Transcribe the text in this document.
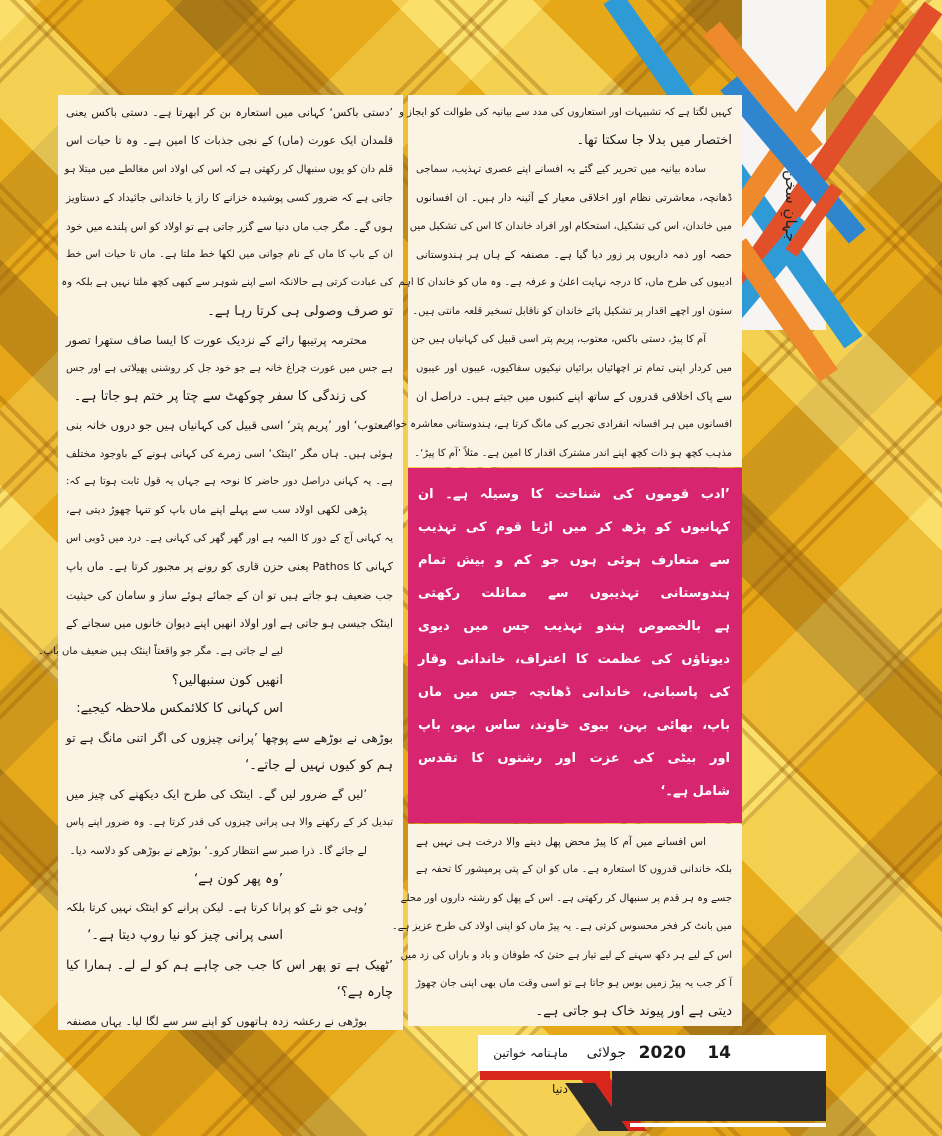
جہانِ سخن
’دستی باکس‘ کہانی میں استعارہ بن کر ابھرتا ہے۔ دستی باکس یعنی
قلمدان ایک عورت (ماں) کے نجی جذبات کا امین ہے۔ وہ تا حیات اس
قلم دان کو یوں سنبھال کر رکھتی ہے کہ اس کی اولاد اس مغالطے میں مبتلا ہو
جاتی ہے کہ ضرور کسی پوشیدہ خزانے کا راز یا خاندانی جائیداد کے دستاویز
ہوں گے۔ مگر جب ماں دنیا سے گزر جاتی ہے تو اولاد کو اس پلندے میں خود
ان کے باپ کا ماں کے نام جوانی میں لکھا خط ملتا ہے۔ ماں تا حیات اس خط
کی عبادت کرتی ہے حالانکہ اسے اپنے شوہر سے کبھی کچھ ملتا نہیں ہے بلکہ وہ
تو صرف وصولی ہی کرتا رہا ہے۔
محترمہ پرتیبھا رائے کے نزدیک عورت کا ایسا صاف ستھرا تصور
ہے جس میں عورت چراغ خانہ ہے جو خود جل کر روشنی پھیلاتی ہے اور جس
کی زندگی کا سفر چوکھٹ سے چتا پر ختم ہو جاتا ہے۔
’معتوب‘ اور ’پریم پتر‘ اسی قبیل کی کہانیاں ہیں جو دروں خانہ بنی
ہوئی ہیں۔ ہاں مگر ’اینٹک‘ اسی زمرے کی کہانی ہونے کے باوجود مختلف
ہے۔ یہ کہانی دراصل دور حاضر کا نوحہ ہے جہاں یہ قول ثابت ہوتا ہے کہ:
پڑھی لکھی اولاد سب سے پہلے اپنے ماں باپ کو تنہا چھوڑ دیتی ہے،
یہ کہانی آج کے دور کا المیہ ہے اور گھر گھر کی کہانی ہے۔ درد میں ڈوبی اس
کہانی کا Pathos یعنی حزن قاری کو رونے پر مجبور کرتا ہے۔ ماں باپ
جب ضعیف ہو جاتے ہیں تو ان کے جمائے ہوئے ساز و سامان کی حیثیت
اینٹک جیسی ہو جاتی ہے اور اولاد انھیں اپنے دیوان خانوں میں سجانے کے
لیے لے جاتی ہے۔ مگر جو واقعتاً اینٹک ہیں ضعیف ماں باپ۔
انھیں کون سنبھالیں؟
اس کہانی کا کلائمکس ملاحظہ کیجیے:
بوڑھی نے بوڑھے سے پوچھا ’پرانی چیزوں کی اگر اتنی مانگ ہے تو
ہم کو کیوں نہیں لے جاتے۔‘
’لیں گے ضرور لیں گے۔ اینٹک کی طرح ایک دیکھنے کی چیز میں
تبدیل کر کے رکھنے والا ہی پرانی چیزوں کی قدر کرتا ہے۔ وہ ضرور اپنے پاس
لے جائے گا۔ ذرا صبر سے انتظار کرو۔‘ بوڑھے نے بوڑھی کو دلاسہ دیا۔
’وہ پھر کون ہے‘
’وہی جو نئے کو پرانا کرتا ہے۔ لیکن پرانے کو اینٹک نہیں کرتا بلکہ
اسی پرانی چیز کو نیا روپ دیتا ہے۔‘
’ٹھیک ہے تو پھر اس کا جب جی چاہے ہم کو لے لے۔ ہمارا کیا
چارہ ہے؟‘
بوڑھی نے رعشہ زدہ ہاتھوں کو اپنے سر سے لگا لیا۔ یہاں مصنفہ
کہیں لگتا ہے کہ تشبیہات اور استعاروں کی مدد سے بیانیہ کی طوالت کو ایجاز و
اختصار میں بدلا جا سکتا تھا۔
سادہ بیانیہ میں تحریر کیے گئے یہ افسانے اپنے عصری تہذیب، سماجی
ڈھانچہ، معاشرتی نظام اور اخلاقی معیار کے آئینہ دار ہیں۔ ان افسانوں
میں خاندان، اس کی تشکیل، استحکام اور افراد خاندان کا اس کی تشکیل میں
حصہ اور ذمہ داریوں پر زور دیا گیا ہے۔ مصنفہ کے ہاں ہر ہندوستانی
ادیبوں کی طرح ماں، کا درجہ نہایت اعلیٰ و عرفہ ہے۔ وہ ماں کو خاندان کا اہم
ستون اور اچھے اقدار پر تشکیل پائے خاندان کو ناقابل تسخیر قلعہ مانتی ہیں۔
آم کا پیڑ، دستی باکس، معتوب، پریم پتر اسی قبیل کی کہانیاں ہیں جن
میں کردار اپنی تمام تر اچھائیاں برائیاں نیکیوں سفاکیوں، عیبوں اور عیبوں
سے پاک اخلاقی قدروں کے ساتھ اپنے کنبوں میں جیتے ہیں۔ دراصل ان
افسانوں میں ہر افسانہ انفرادی تجربے کی مانگ کرتا ہے، ہندوستانی معاشرہ خواہ
مذہب کچھ ہو ذات کچھ اپنے اندر مشترک اقدار کا امین ہے۔ مثلاً ’آم کا پیڑ‘۔
’ادب قوموں کی شناخت کا وسیلہ ہے۔ ان
کہانیوں کو پڑھ کر میں اڑیا قوم کی تہذیب
سے متعارف ہوئی ہوں جو کم و بیش تمام
ہندوستانی تہذیبوں سے مماثلت رکھتی
ہے بالخصوص ہندو تہذیب جس میں دیوی
دیوتاؤں کی عظمت کا اعتراف، خاندانی وقار
کی پاسبانی، خاندانی ڈھانچہ جس میں ماں
باپ، بھائی بہن، بیوی خاوند، ساس بہو، باپ
اور بیٹی کی عزت اور رشتوں کا تقدس
شامل ہے۔‘
اس افسانے میں آم کا پیڑ محض پھل دینے والا درخت ہی نہیں ہے
بلکہ خاندانی قدروں کا استعارہ ہے۔ ماں کو ان کے پتی پرمیشور کا تحفہ ہے
جسے وہ ہر قدم پر سنبھال کر رکھتی ہے۔ اس کے پھل کو رشتہ داروں اور محلے
میں بانٹ کر فخر محسوس کرتی ہے۔ یہ پیڑ ماں کو اپنی اولاد کی طرح عزیز ہے۔
اس کے لیے ہر دکھ سہنے کے لیے تیار ہے حتیٰ کہ طوفان و باد و باراں کی زد میں
آ کر جب یہ پیڑ زمیں بوس ہو جاتا ہے تو اسی وقت ماں بھی اپنی جان چھوڑ
دیتی ہے اور پیوند خاک ہو جاتی ہے۔
14
2020
جولائی
ماہنامہ خواتین دنیا
